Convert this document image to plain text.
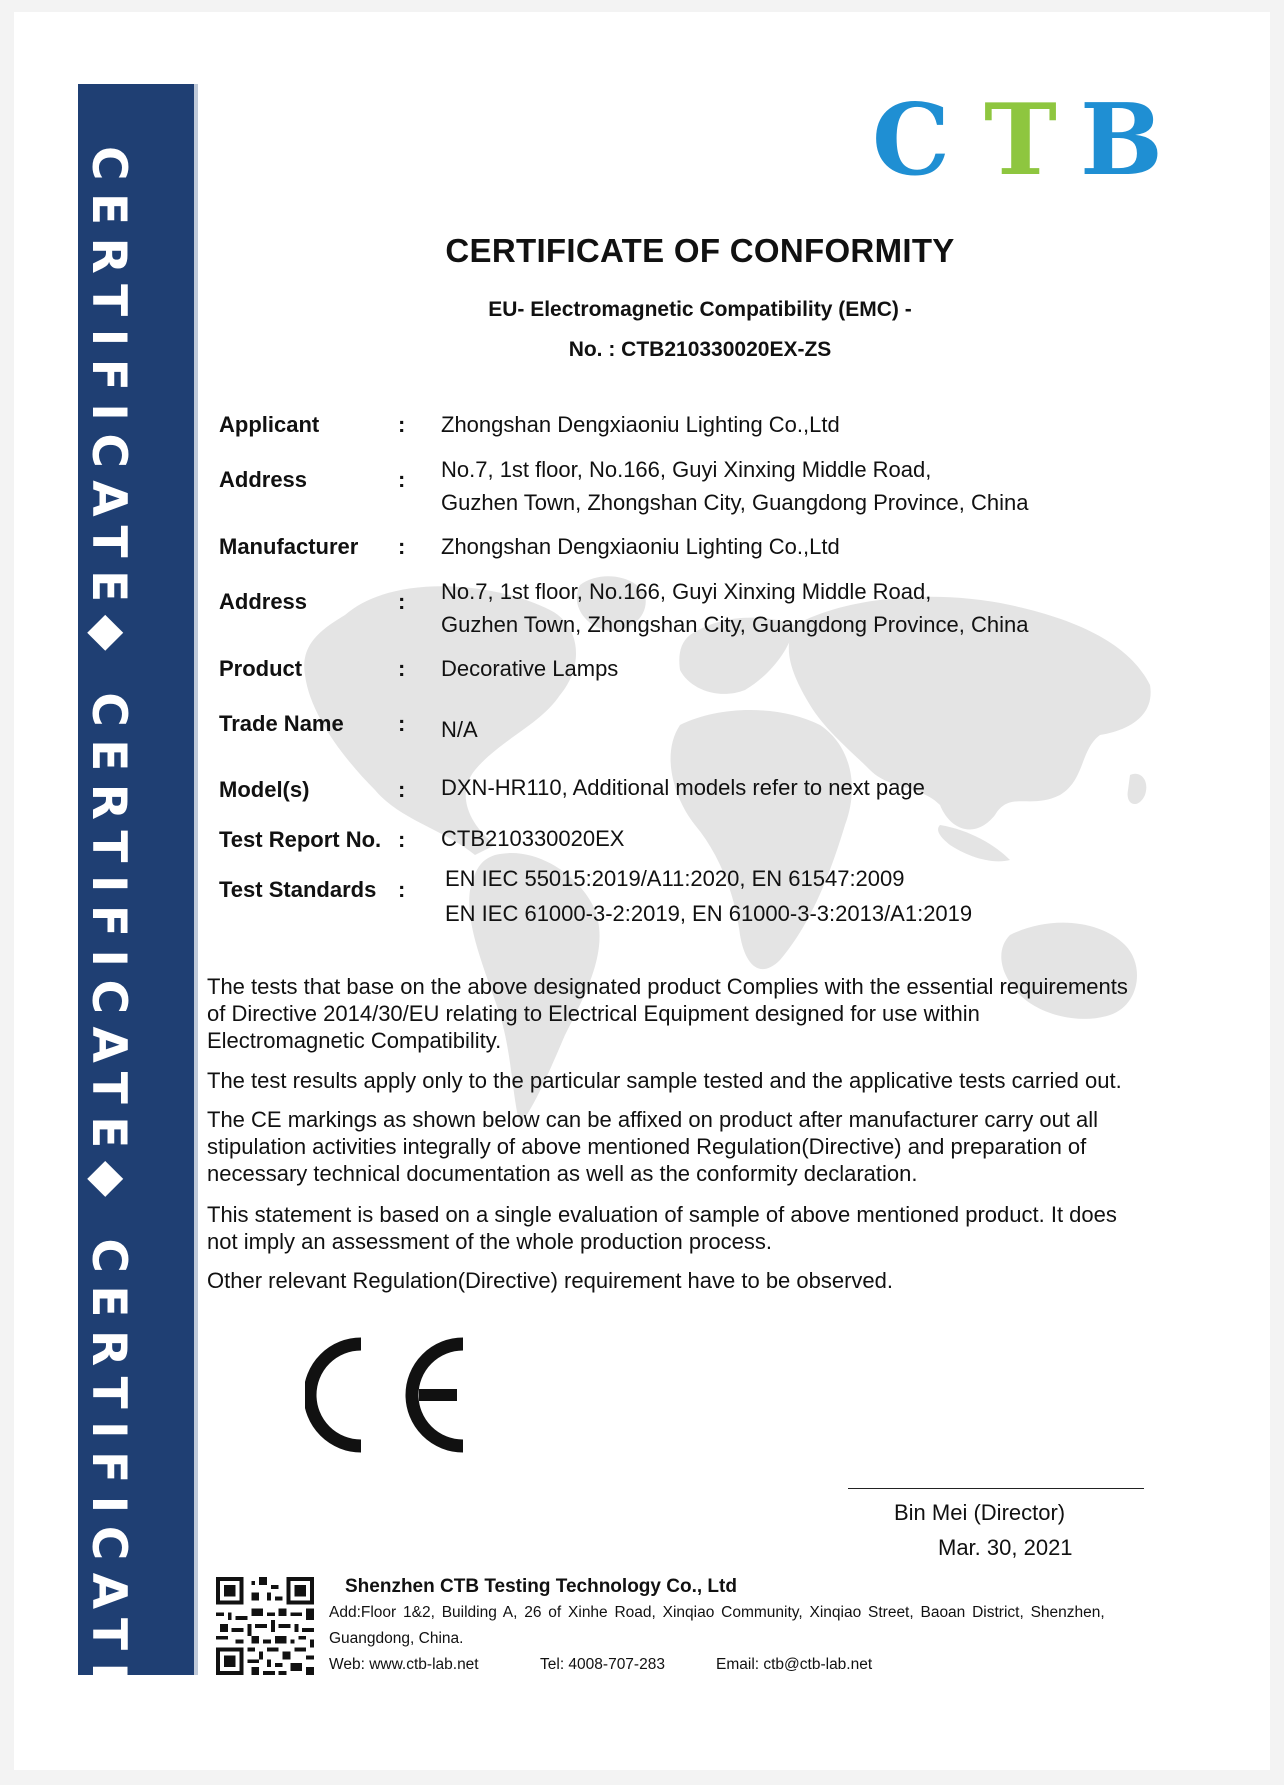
CERTIFICATE◆ CERTIFICATE◆ CERTIFICATE
C T B
CERTIFICATE OF CONFORMITY
EU- Electromagnetic Compatibility (EMC) -
No. : CTB210330020EX-ZS
Applicant	: Zhongshan Dengxiaoniu Lighting Co.,Ltd
Address	: No.7, 1st floor, No.166, Guyi Xinxing Middle Road,
Guzhen Town, Zhongshan City, Guangdong Province, China
Manufacturer : Zhongshan Dengxiaoniu Lighting Co.,Ltd
Address	: No.7, 1st floor, No.166, Guyi Xinxing Middle Road,
Guzhen Town, Zhongshan City, Guangdong Province, China
Product	: Decorative Lamps
Trade Name : N/A
Model(s)	: DXN-HR110, Additional models refer to next page
Test Report No. : CTB210330020EX
Test Standards : EN IEC 55015:2019/A11:2020, EN 61547:2009
EN IEC 61000-3-2:2019, EN 61000-3-3:2013/A1:2019
The tests that base on the above designated product Complies with the essential requirements
of Directive 2014/30/EU relating to Electrical Equipment designed for use within
Electromagnetic Compatibility.
The test results apply only to the particular sample tested and the applicative tests carried out.
The CE markings as shown below can be affixed on product after manufacturer carry out all
stipulation activities integrally of above mentioned Regulation(Directive) and preparation of
necessary technical documentation as well as the conformity declaration.
This statement is based on a single evaluation of sample of above mentioned product. It does
not imply an assessment of the whole production process.
Other relevant Regulation(Directive) requirement have to be observed.
Bin Mei (Director)
Mar. 30, 2021
Shenzhen CTB Testing Technology Co., Ltd
Add:Floor 1&2, Building A, 26 of Xinhe Road, Xinqiao Community, Xinqiao Street, Baoan District, Shenzhen,
Guangdong, China.
Web: www.ctb-lab.net	Tel: 4008-707-283	Email: ctb@ctb-lab.net
